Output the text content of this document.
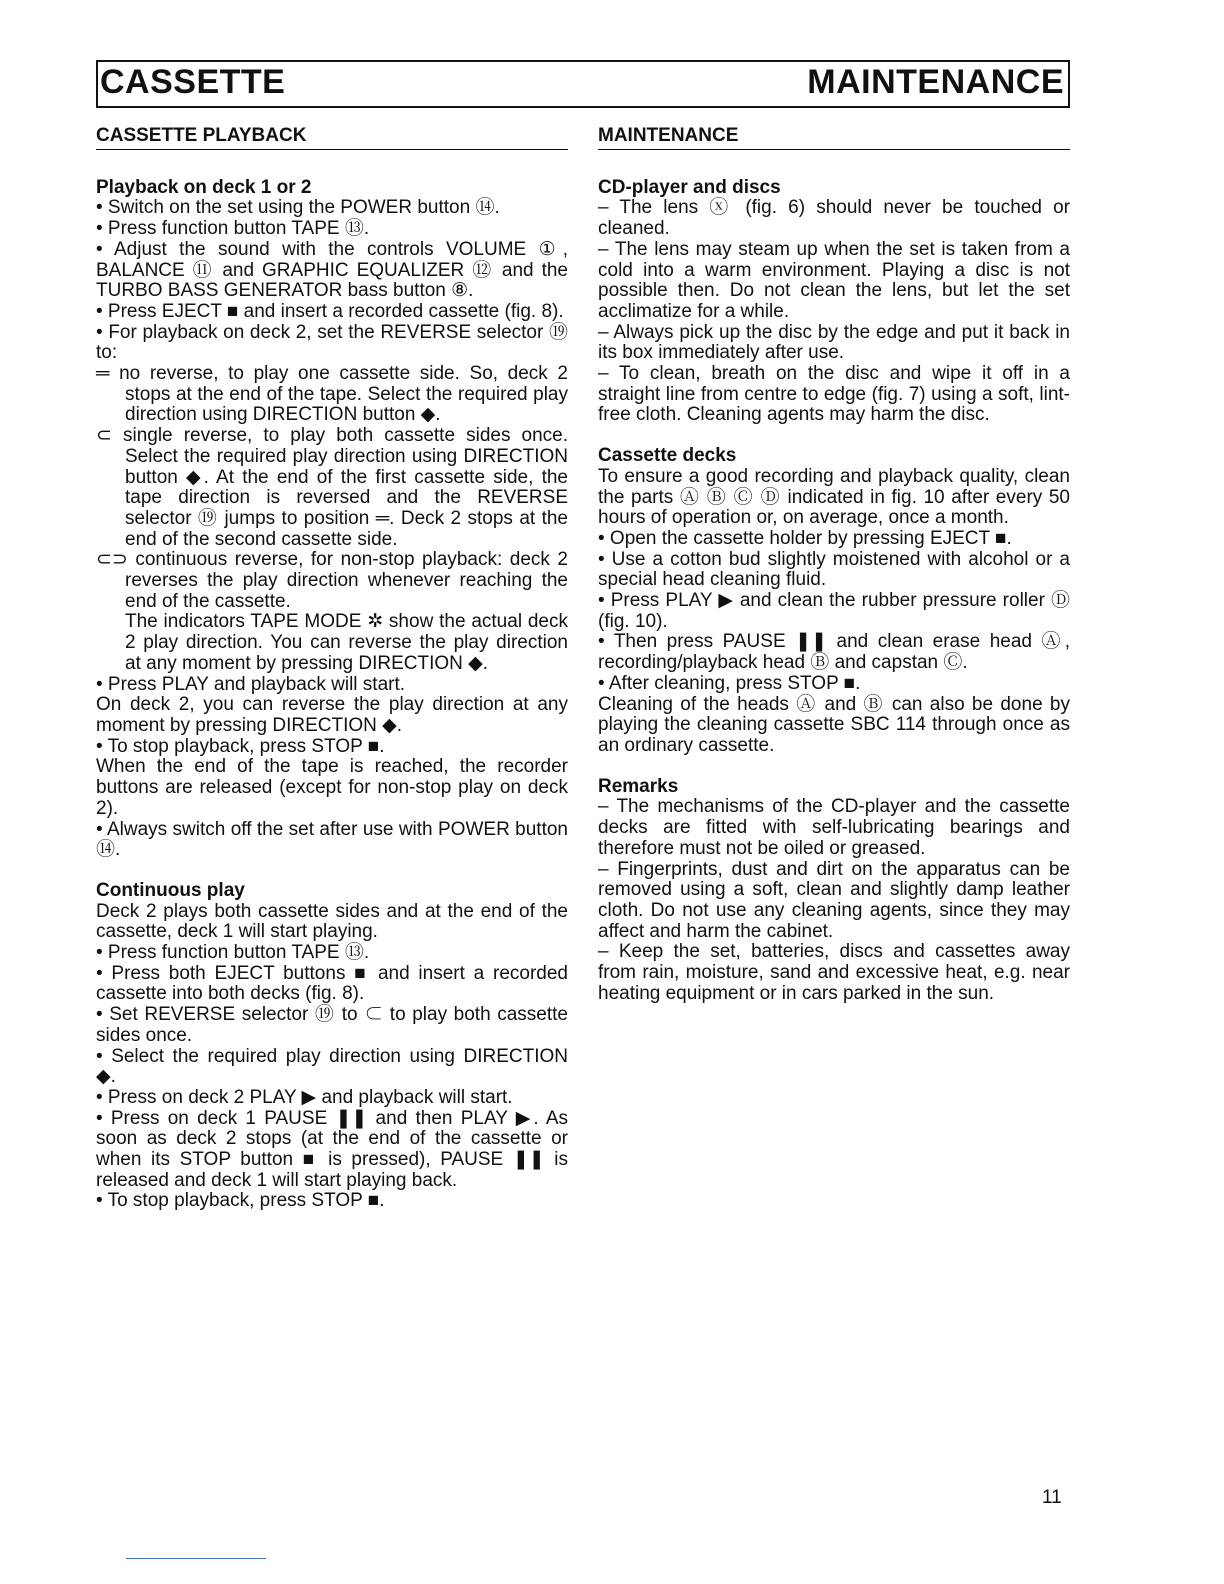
CASSETTE	MAINTENANCE
CASSETTE PLAYBACK

Playback on deck 1 or 2

• Switch on the set using the POWER button ⑭.

• Press function button TAPE ⑬.

• Adjust the sound with the controls VOLUME ①, BALANCE ⑪ and GRAPHIC EQUALIZER ⑫ and the TURBO BASS GENERATOR bass button ⑧.

• Press EJECT ■ and insert a recorded cassette (fig. 8).

• For playback on deck 2, set the REVERSE selector ⑲ to:

═ no reverse, to play one cassette side. So, deck 2 stops at the end of the tape. Select the required play direction using DIRECTION button ◆.

⊂ single reverse, to play both cassette sides once. Select the required play direction using DIRECTION button ◆. At the end of the first cassette side, the tape direction is reversed and the REVERSE selector ⑲ jumps to position ═. Deck 2 stops at the end of the second cassette side.

⊂⊃ continuous reverse, for non-stop playback: deck 2 reverses the play direction whenever reaching the end of the cassette.

The indicators TAPE MODE ✲ show the actual deck 2 play direction. You can reverse the play direction at any moment by pressing DIRECTION ◆.

• Press PLAY and playback will start.

On deck 2, you can reverse the play direction at any moment by pressing DIRECTION ◆.

• To stop playback, press STOP ■.

When the end of the tape is reached, the recorder buttons are released (except for non-stop play on deck 2).

• Always switch off the set after use with POWER button ⑭.

Continuous play

Deck 2 plays both cassette sides and at the end of the cassette, deck 1 will start playing.

• Press function button TAPE ⑬.

• Press both EJECT buttons ■ and insert a recorded cassette into both decks (fig. 8).

• Set REVERSE selector ⑲ to ⊂ to play both cassette sides once.

• Select the required play direction using DIRECTION ◆.

• Press on deck 2 PLAY ▶ and playback will start.

• Press on deck 1 PAUSE ❚❚ and then PLAY ▶. As soon as deck 2 stops (at the end of the cassette or when its STOP button ■ is pressed), PAUSE ❚❚ is released and deck 1 will start playing back.

• To stop playback, press STOP ■.

MAINTENANCE

CD-player and discs

– The lens ⓧ (fig. 6) should never be touched or cleaned.

– The lens may steam up when the set is taken from a cold into a warm environment. Playing a disc is not possible then. Do not clean the lens, but let the set acclimatize for a while.

– Always pick up the disc by the edge and put it back in its box immediately after use.

– To clean, breath on the disc and wipe it off in a straight line from centre to edge (fig. 7) using a soft, lint-free cloth. Cleaning agents may harm the disc.

Cassette decks

To ensure a good recording and playback quality, clean the parts Ⓐ Ⓑ Ⓒ Ⓓ indicated in fig. 10 after every 50 hours of operation or, on average, once a month.

• Open the cassette holder by pressing EJECT ■.

• Use a cotton bud slightly moistened with alcohol or a special head cleaning fluid.

• Press PLAY ▶ and clean the rubber pressure roller Ⓓ (fig. 10).

• Then press PAUSE ❚❚ and clean erase head Ⓐ, recording/playback head Ⓑ and capstan Ⓒ.

• After cleaning, press STOP ■.

Cleaning of the heads Ⓐ and Ⓑ can also be done by playing the cleaning cassette SBC 114 through once as an ordinary cassette.

Remarks

– The mechanisms of the CD-player and the cassette decks are fitted with self-lubricating bearings and therefore must not be oiled or greased.

– Fingerprints, dust and dirt on the apparatus can be removed using a soft, clean and slightly damp leather cloth. Do not use any cleaning agents, since they may affect and harm the cabinet.

– Keep the set, batteries, discs and cassettes away from rain, moisture, sand and excessive heat, e.g. near heating equipment or in cars parked in the sun.

11
